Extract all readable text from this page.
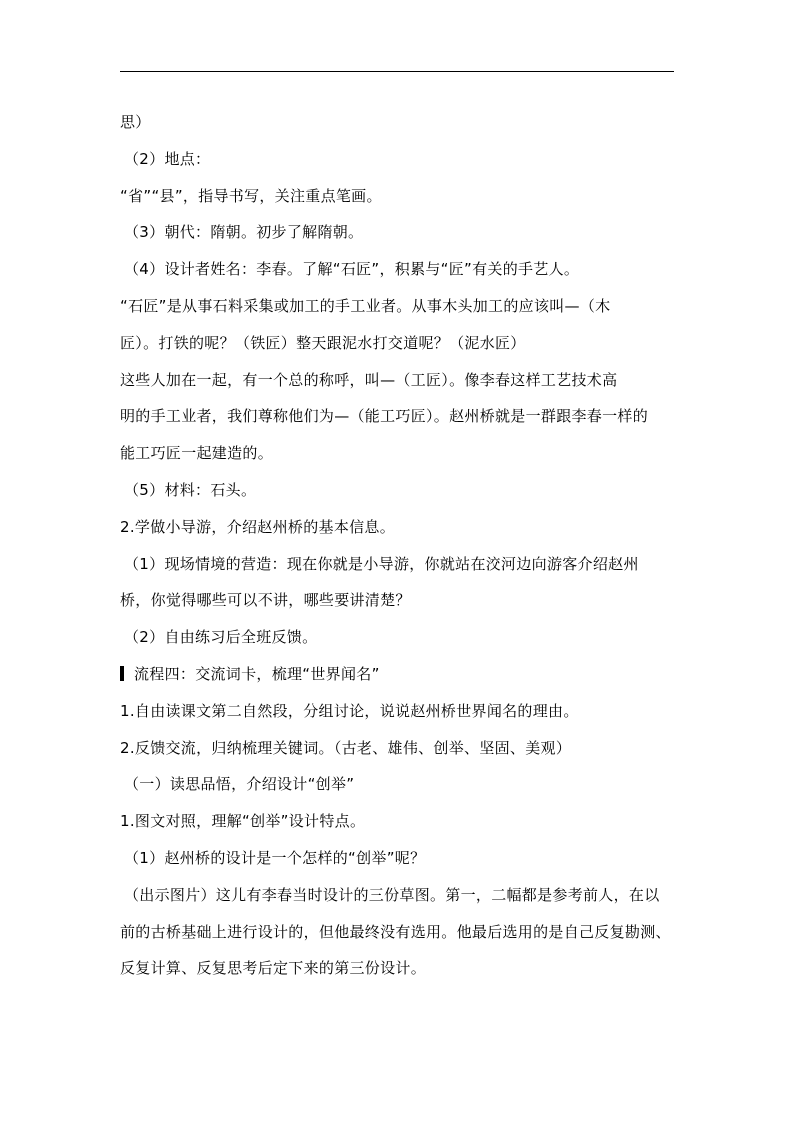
思）
（2）地点：
“省”“县”，指导书写，关注重点笔画。
（3）朝代：隋朝。初步了解隋朝。
（4）设计者姓名：李春。了解“石匠”，积累与“匠”有关的手艺人。
“石匠”是从事石料采集或加工的手工业者。从事木头加工的应该叫—（木
匠）。打铁的呢？（铁匠）整天跟泥水打交道呢？（泥水匠）
这些人加在一起，有一个总的称呼，叫—（工匠）。像李春这样工艺技术高
明的手工业者，我们尊称他们为—（能工巧匠）。赵州桥就是一群跟李春一样的
能工巧匠一起建造的。
（5）材料：石头。
2.学做小导游，介绍赵州桥的基本信息。
（1）现场情境的营造：现在你就是小导游，你就站在洨河边向游客介绍赵州
桥，你觉得哪些可以不讲，哪些要讲清楚？
（2）自由练习后全班反馈。
流程四：交流词卡，梳理“世界闻名”
1.自由读课文第二自然段，分组讨论，说说赵州桥世界闻名的理由。
2.反馈交流，归纳梳理关键词。（古老、雄伟、创举、坚固、美观）
（一）读思品悟，介绍设计“创举”
1.图文对照，理解“创举”设计特点。
（1）赵州桥的设计是一个怎样的“创举”呢？
（出示图片）这儿有李春当时设计的三份草图。第一，二幅都是参考前人，在以
前的古桥基础上进行设计的，但他最终没有选用。他最后选用的是自己反复勘测、
反复计算、反复思考后定下来的第三份设计。
